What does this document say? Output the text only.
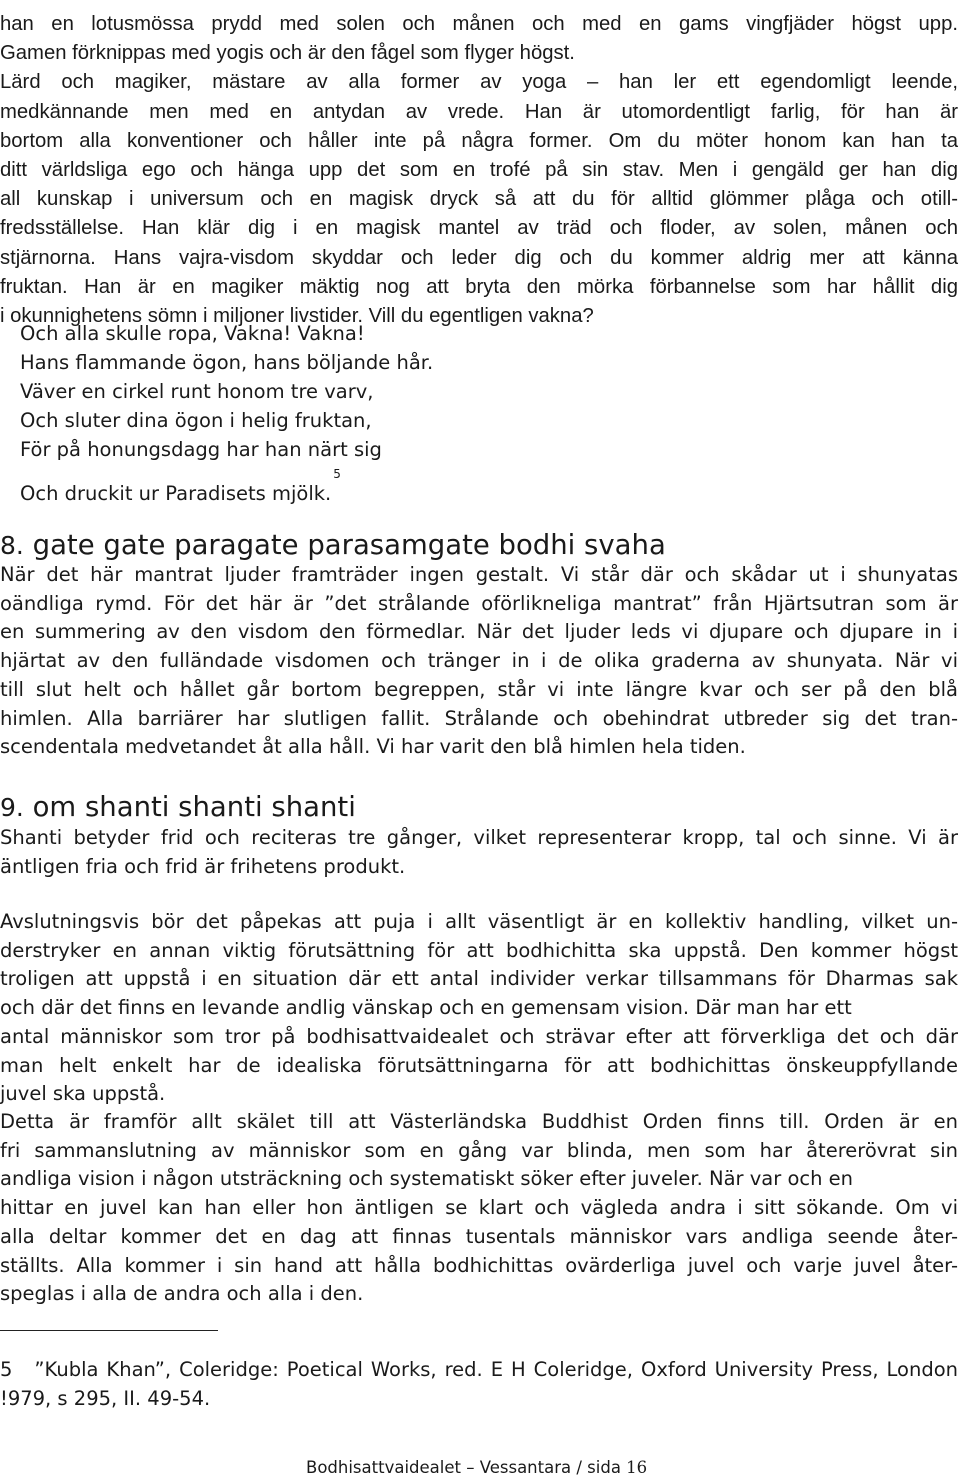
han en lotusmössa prydd med solen och månen och med en gams vingfjäder högst upp.
Gamen förknippas med yogis och är den fågel som flyger högst.
Lärd och magiker, mästare av alla former av yoga – han ler ett egendomligt leende,
medkännande men med en antydan av vrede. Han är utomordentligt farlig, för han är
bortom alla konventioner och håller inte på några former. Om du möter honom kan han ta
ditt världsliga ego och hänga upp det som en trofé på sin stav. Men i gengäld ger han dig
all kunskap i universum och en magisk dryck så att du för alltid glömmer plåga och otill-
fredsställelse. Han klär dig i en magisk mantel av träd och floder, av solen, månen och
stjärnorna. Hans vajra-visdom skyddar och leder dig och du kommer aldrig mer att känna
fruktan. Han är en magiker mäktig nog att bryta den mörka förbannelse som har hållit dig
i okunnighetens sömn i miljoner livstider. Vill du egentligen vakna?
Och alla skulle ropa, Vakna! Vakna!
Hans flammande ögon, hans böljande hår.
Väver en cirkel runt honom tre varv,
Och sluter dina ögon i helig fruktan,
För på honungsdagg har han närt sig
Och druckit ur Paradisets mjölk.$^5$
8. gate gate paragate parasamgate bodhi svaha
När det här mantrat ljuder framträder ingen gestalt. Vi står där och skådar ut i shunyatas
oändliga rymd. För det här är ”det strålande oförlikneliga mantrat” från Hjärtsutran som är
en summering av den visdom den förmedlar. När det ljuder leds vi djupare och djupare in i
hjärtat av den fulländade visdomen och tränger in i de olika graderna av shunyata. När vi
till slut helt och hållet går bortom begreppen, står vi inte längre kvar och ser på den blå
himlen. Alla barriärer har slutligen fallit. Strålande och obehindrat utbreder sig det tran-
scendentala medvetandet åt alla håll. Vi har varit den blå himlen hela tiden.
9. om shanti shanti shanti
Shanti betyder frid och reciteras tre gånger, vilket representerar kropp, tal och sinne. Vi är
äntligen fria och frid är frihetens produkt.
Avslutningsvis bör det påpekas att puja i allt väsentligt är en kollektiv handling, vilket un-
derstryker en annan viktig förutsättning för att bodhichitta ska uppstå. Den kommer högst
troligen att uppstå i en situation där ett antal individer verkar tillsammans för Dharmas sak
och där det finns en levande andlig vänskap och en gemensam vision. Där man har ett
antal människor som tror på bodhisattvaidealet och strävar efter att förverkliga det och där
man helt enkelt har de idealiska förutsättningarna för att bodhichittas önskeuppfyllande
juvel ska uppstå.
Detta är framför allt skälet till att Västerländska Buddhist Orden finns till. Orden är en
fri sammanslutning av människor som en gång var blinda, men som har återerövrat sin
andliga vision i någon utsträckning och systematiskt söker efter juveler. När var och en
hittar en juvel kan han eller hon äntligen se klart och vägleda andra i sitt sökande. Om vi
alla deltar kommer det en dag att finnas tusentals människor vars andliga seende åter-
ställts. Alla kommer i sin hand att hålla bodhichittas ovärderliga juvel och varje juvel åter-
speglas i alla de andra och alla i den.
5 ”Kubla Khan”, Coleridge: Poetical Works, red. E H Coleridge, Oxford University Press, London
!979, s 295, II. 49-54.
Bodhisattvaidealet – Vessantara / sida 16
